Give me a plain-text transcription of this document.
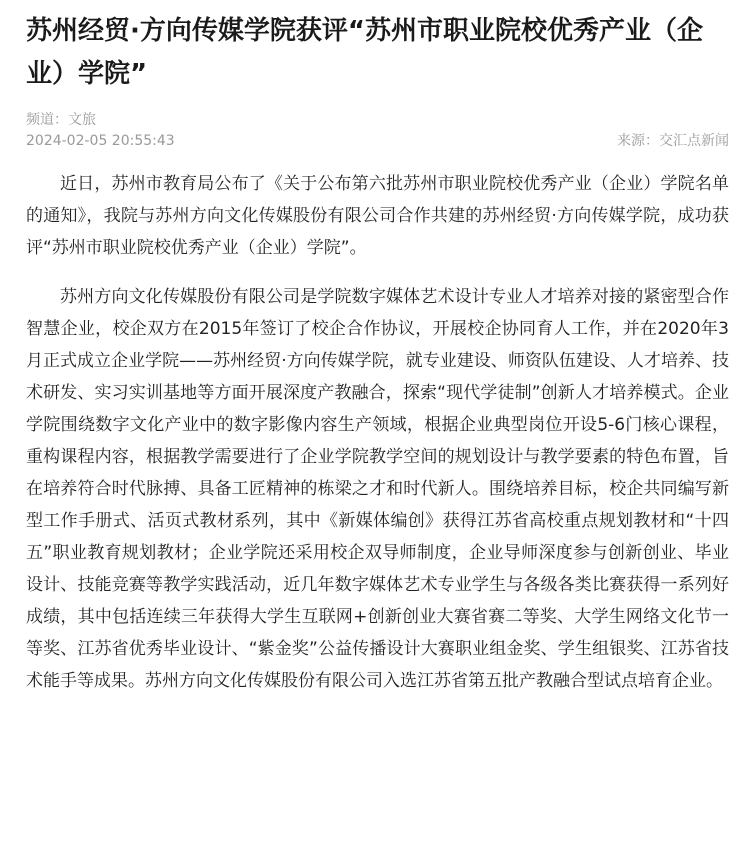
苏州经贸·方向传媒学院获评“苏州市职业院校优秀产业（企业）学院”
频道：文旅
2024-02-05 20:55:43	来源：交汇点新闻

近日，苏州市教育局公布了《关于公布第六批苏州市职业院校优秀产业（企业）学院名单的通知》，我院与苏州方向文化传媒股份有限公司合作共建的苏州经贸·方向传媒学院，成功获评“苏州市职业院校优秀产业（企业）学院”。

苏州方向文化传媒股份有限公司是学院数字媒体艺术设计专业人才培养对接的紧密型合作智慧企业，校企双方在2015年签订了校企合作协议，开展校企协同育人工作，并在2020年3月正式成立企业学院——苏州经贸·方向传媒学院，就专业建设、师资队伍建设、人才培养、技术研发、实习实训基地等方面开展深度产教融合，探索“现代学徒制”创新人才培养模式。企业学院围绕数字文化产业中的数字影像内容生产领域，根据企业典型岗位开设5-6门核心课程，重构课程内容，根据教学需要进行了企业学院教学空间的规划设计与教学要素的特色布置，旨在培养符合时代脉搏、具备工匠精神的栋梁之才和时代新人。围绕培养目标，校企共同编写新型工作手册式、活页式教材系列，其中《新媒体编创》获得江苏省高校重点规划教材和“十四五”职业教育规划教材；企业学院还采用校企双导师制度，企业导师深度参与创新创业、毕业设计、技能竞赛等教学实践活动，近几年数字媒体艺术专业学生与各级各类比赛获得一系列好成绩，其中包括连续三年获得大学生互联网+创新创业大赛省赛二等奖、大学生网络文化节一等奖、江苏省优秀毕业设计、“紫金奖”公益传播设计大赛职业组金奖、学生组银奖、江苏省技术能手等成果。苏州方向文化传媒股份有限公司入选江苏省第五批产教融合型试点培育企业。
